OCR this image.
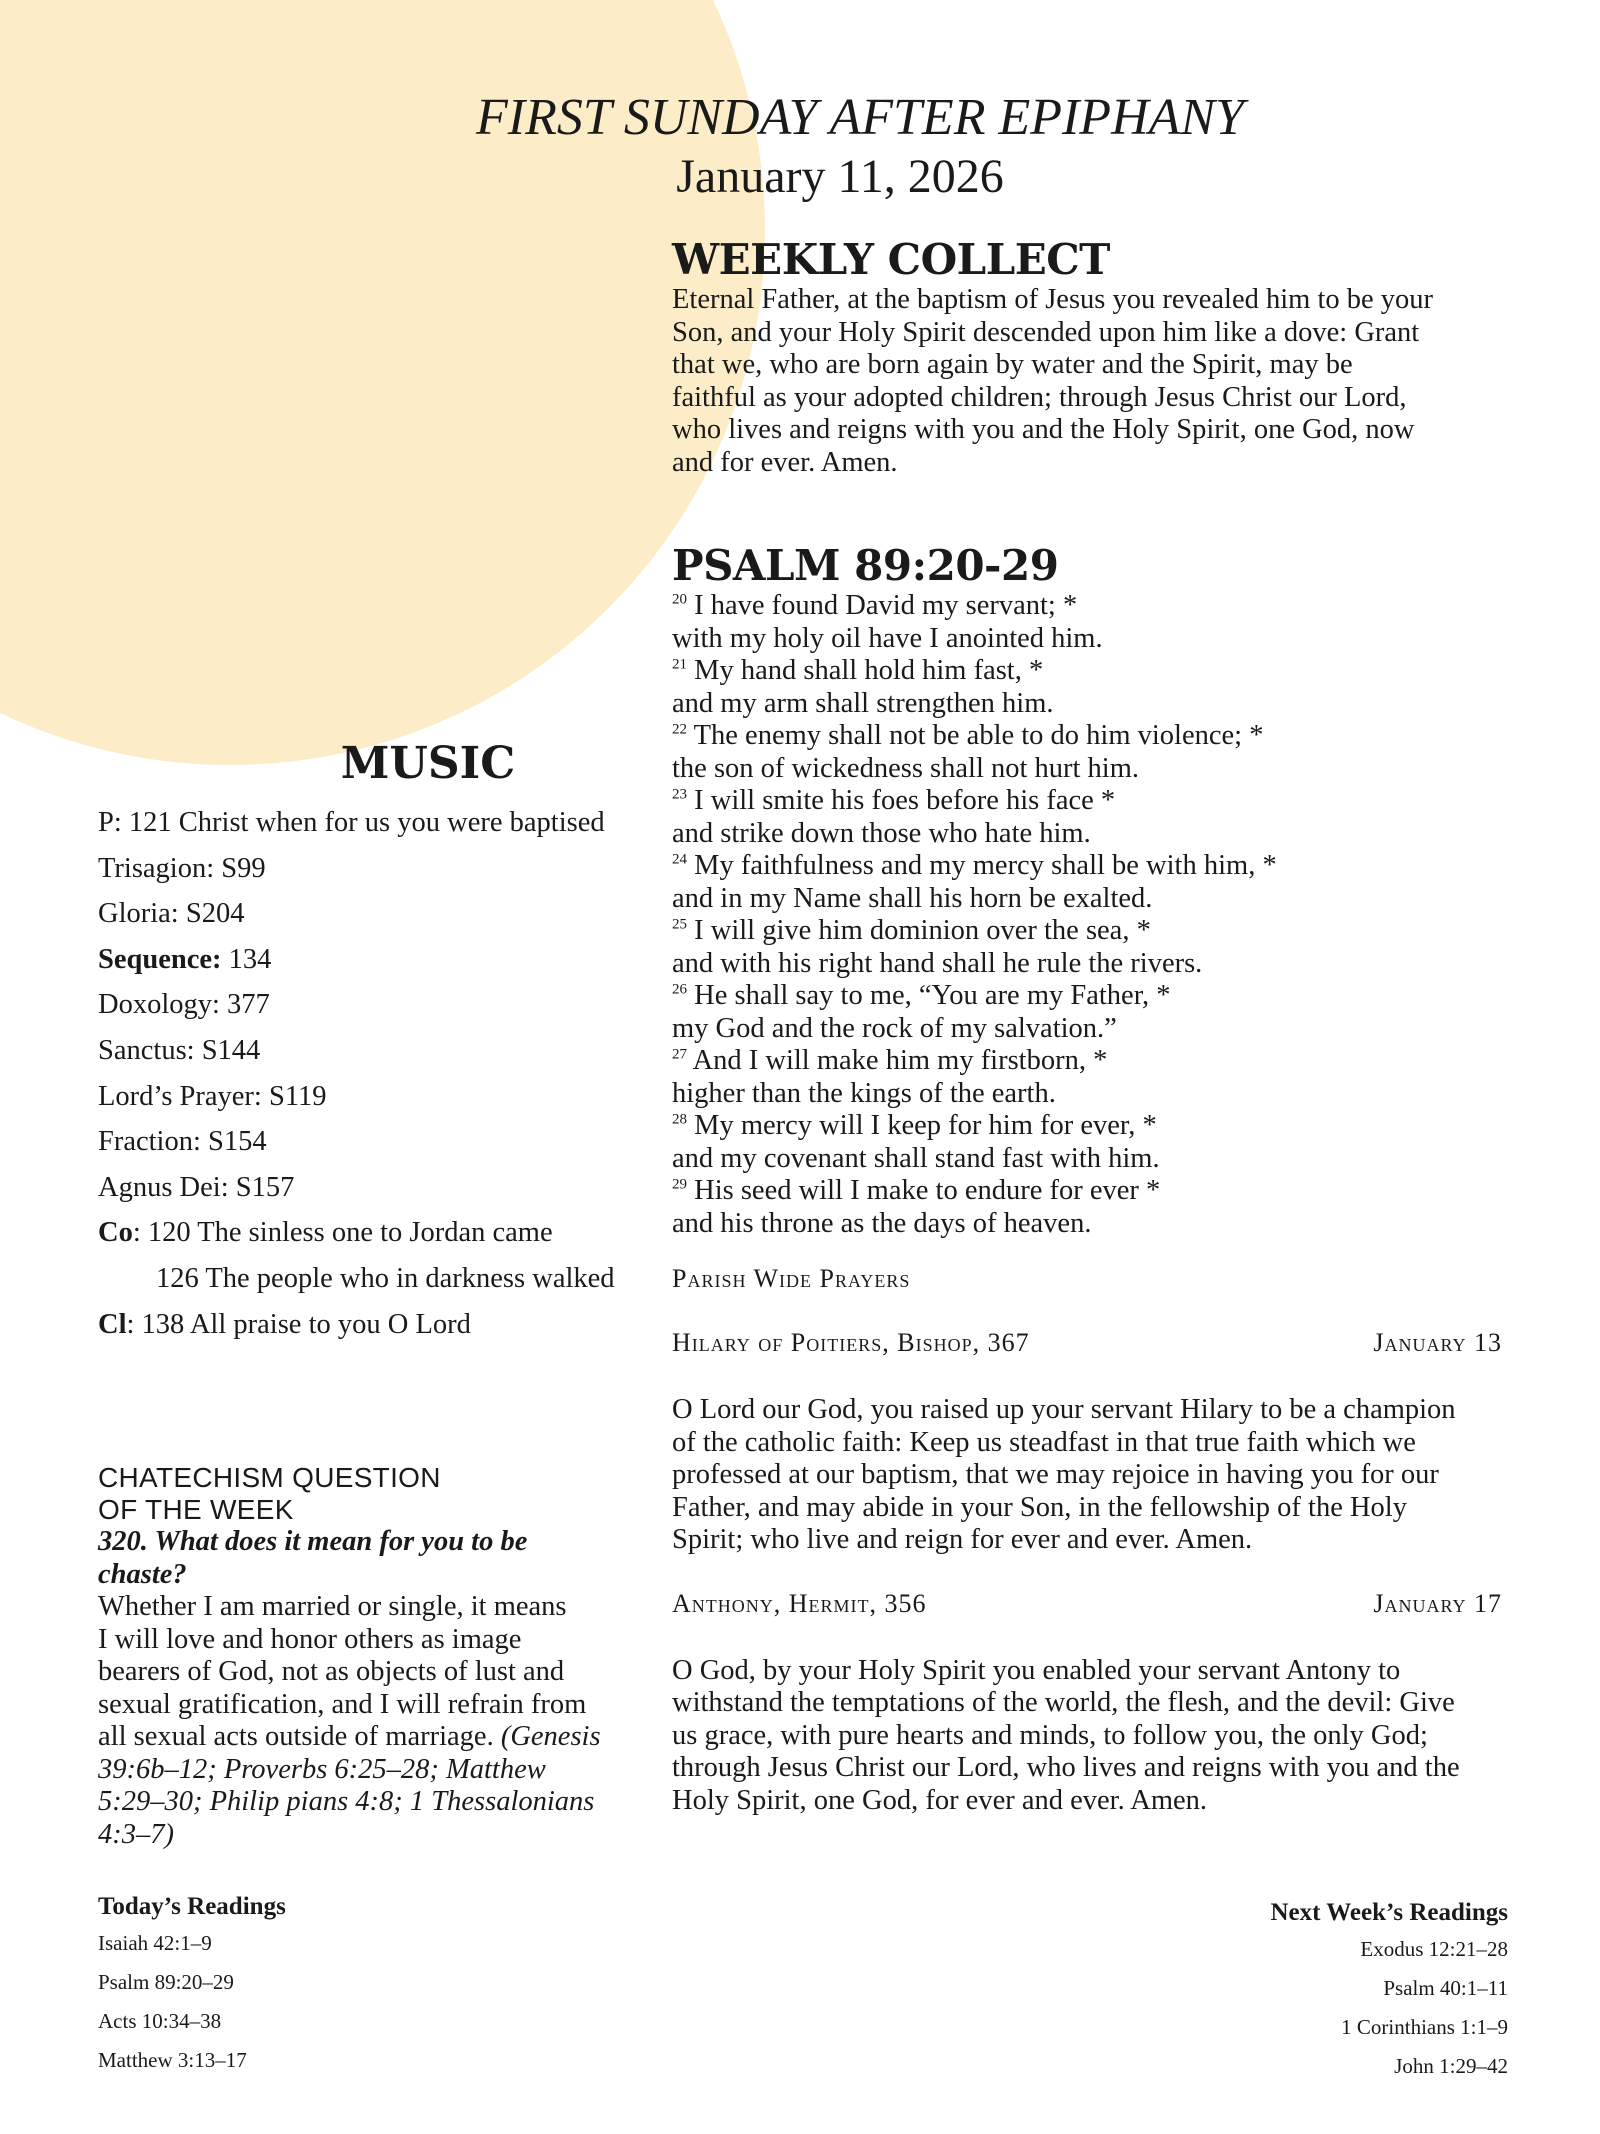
FIRST SUNDAY AFTER EPIPHANY
January 11, 2026
WEEKLY COLLECT
Eternal Father, at the baptism of Jesus you revealed him to be your
Son, and your Holy Spirit descended upon him like a dove: Grant
that we, who are born again by water and the Spirit, may be
faithful as your adopted children; through Jesus Christ our Lord,
who lives and reigns with you and the Holy Spirit, one God, now
and for ever. Amen.
PSALM 89:20-29
$^{20}$ I have found David my servant; *
with my holy oil have I anointed him.
$^{21}$ My hand shall hold him fast, *
and my arm shall strengthen him.
$^{22}$ The enemy shall not be able to do him violence; *
the son of wickedness shall not hurt him.
$^{23}$ I will smite his foes before his face *
and strike down those who hate him.
$^{24}$ My faithfulness and my mercy shall be with him, *
and in my Name shall his horn be exalted.
$^{25}$ I will give him dominion over the sea, *
and with his right hand shall he rule the rivers.
$^{26}$ He shall say to me, “You are my Father, *
my God and the rock of my salvation.”
$^{27}$ And I will make him my firstborn, *
higher than the kings of the earth.
$^{28}$ My mercy will I keep for him for ever, *
and my covenant shall stand fast with him.
$^{29}$ His seed will I make to endure for ever *
and his throne as the days of heaven.
Parish Wide Prayers
Hilary of Poitiers, Bishop, 367	January 13
O Lord our God, you raised up your servant Hilary to be a champion
of the catholic faith: Keep us steadfast in that true faith which we
professed at our baptism, that we may rejoice in having you for our
Father, and may abide in your Son, in the fellowship of the Holy
Spirit; who live and reign for ever and ever. Amen.
Anthony, Hermit, 356	January 17
O God, by your Holy Spirit you enabled your servant Antony to
withstand the temptations of the world, the flesh, and the devil: Give
us grace, with pure hearts and minds, to follow you, the only God;
through Jesus Christ our Lord, who lives and reigns with you and the
Holy Spirit, one God, for ever and ever. Amen.
MUSIC
P: 121 Christ when for us you were baptised
Trisagion: S99
Gloria: S204
Sequence: 134
Doxology: 377
Sanctus: S144
Lord’s Prayer: S119
Fraction: S154
Agnus Dei: S157
Co: 120 The sinless one to Jordan came
126 The people who in darkness walked
Cl: 138 All praise to you O Lord
CHATECHISM QUESTION
OF THE WEEK
320. What does it mean for you to be
chaste?
Whether I am married or single, it means
I will love and honor others as image
bearers of God, not as objects of lust and
sexual gratification, and I will refrain from
all sexual acts outside of marriage. (Genesis
39:6b–12; Proverbs 6:25–28; Matthew
5:29–30; Philip pians 4:8; 1 Thessalonians
4:3–7)
Today’s Readings
Isaiah 42:1–9
Psalm 89:20–29
Acts 10:34–38
Matthew 3:13–17
Next Week’s Readings
Exodus 12:21–28
Psalm 40:1–11
1 Corinthians 1:1–9
John 1:29–42
